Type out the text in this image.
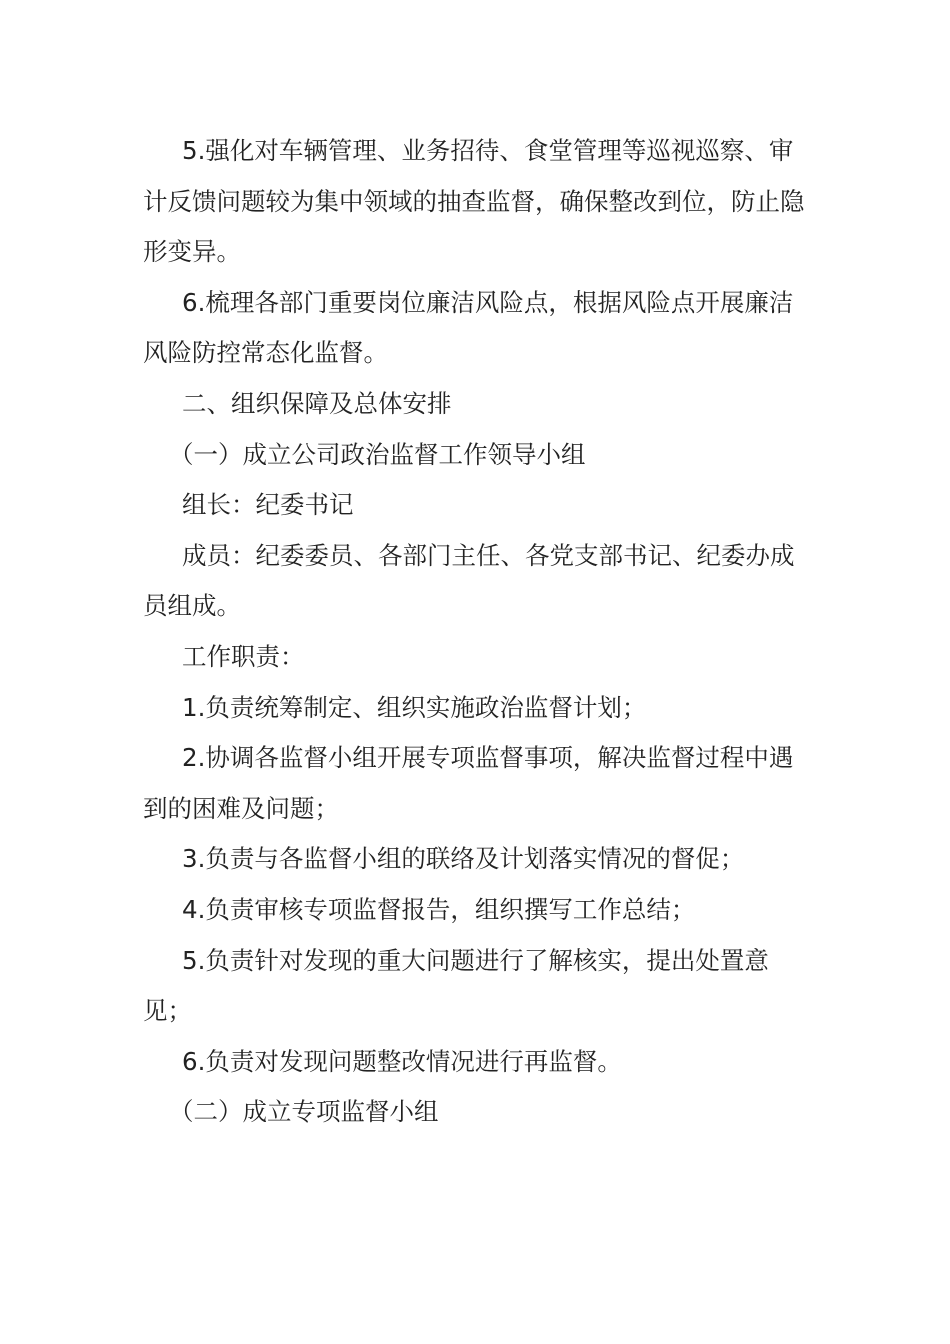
5.强化对车辆管理、业务招待、食堂管理等巡视巡察、审计反馈问题较为集中领域的抽查监督，确保整改到位，防止隐形变异。

6.梳理各部门重要岗位廉洁风险点，根据风险点开展廉洁风险防控常态化监督。

二、组织保障及总体安排

（一）成立公司政治监督工作领导小组

组长：纪委书记

成员：纪委委员、各部门主任、各党支部书记、纪委办成员组成。

工作职责：

1.负责统筹制定、组织实施政治监督计划；

2.协调各监督小组开展专项监督事项，解决监督过程中遇到的困难及问题；

3.负责与各监督小组的联络及计划落实情况的督促；

4.负责审核专项监督报告，组织撰写工作总结；

5.负责针对发现的重大问题进行了解核实，提出处置意见；

6.负责对发现问题整改情况进行再监督。

（二）成立专项监督小组
